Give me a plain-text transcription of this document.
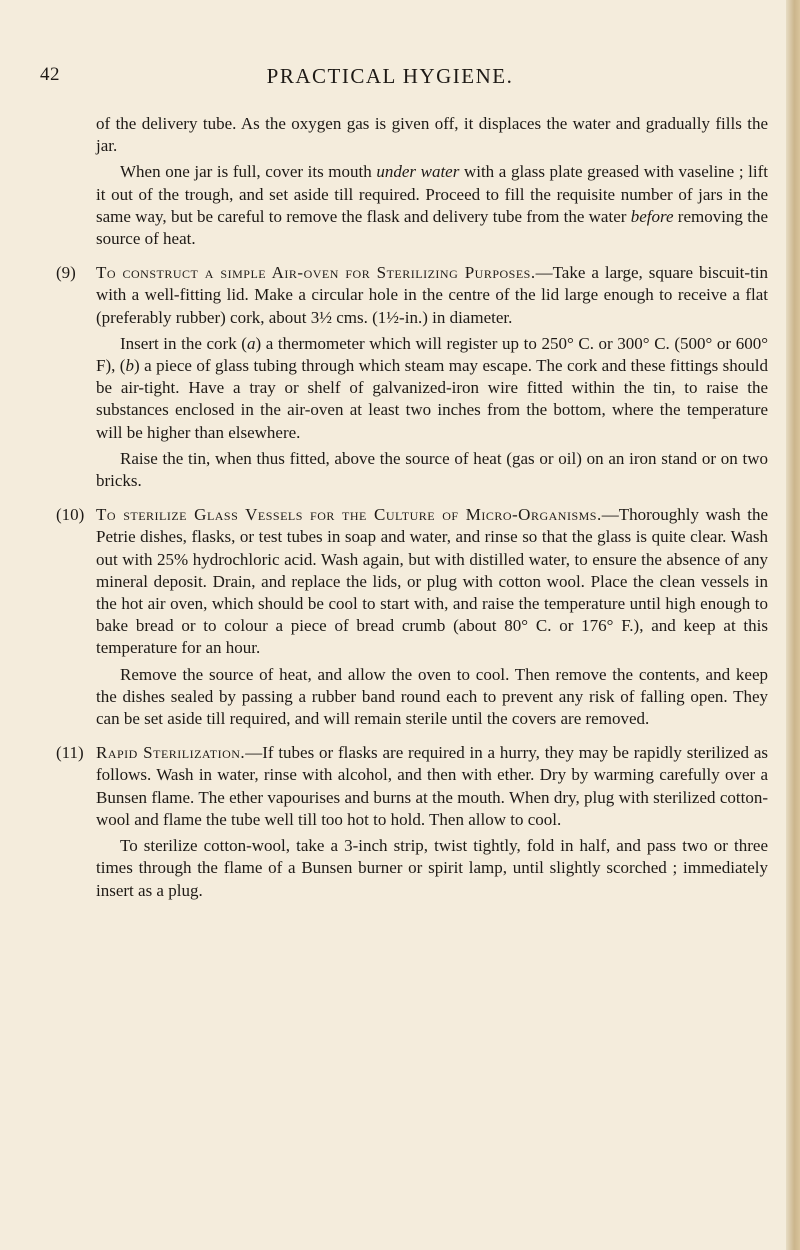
42	PRACTICAL HYGIENE.

of the delivery tube. As the oxygen gas is given off, it displaces the water and gradually fills the jar.

When one jar is full, cover its mouth under water with a glass plate greased with vaseline ; lift it out of the trough, and set aside till required. Proceed to fill the requisite number of jars in the same way, but be careful to remove the flask and delivery tube from the water before removing the source of heat.

(9) To construct a simple Air-oven for Sterilizing Purposes.—Take a large, square biscuit-tin with a well-fitting lid. Make a circular hole in the centre of the lid large enough to receive a flat (preferably rubber) cork, about 3½ cms. (1½-in.) in diameter.

Insert in the cork (a) a thermometer which will register up to 250° C. or 300° C. (500° or 600° F), (b) a piece of glass tubing through which steam may escape. The cork and these fittings should be air-tight. Have a tray or shelf of galvanized-iron wire fitted within the tin, to raise the substances enclosed in the air-oven at least two inches from the bottom, where the temperature will be higher than elsewhere.

Raise the tin, when thus fitted, above the source of heat (gas or oil) on an iron stand or on two bricks.

(10) To sterilize Glass Vessels for the Culture of Micro-Organisms.—Thoroughly wash the Petrie dishes, flasks, or test tubes in soap and water, and rinse so that the glass is quite clear. Wash out with 25% hydrochloric acid. Wash again, but with distilled water, to ensure the absence of any mineral deposit. Drain, and replace the lids, or plug with cotton wool. Place the clean vessels in the hot air oven, which should be cool to start with, and raise the temperature until high enough to bake bread or to colour a piece of bread crumb (about 80° C. or 176° F.), and keep at this temperature for an hour.

Remove the source of heat, and allow the oven to cool. Then remove the contents, and keep the dishes sealed by passing a rubber band round each to prevent any risk of falling open. They can be set aside till required, and will remain sterile until the covers are removed.

(11) Rapid Sterilization.—If tubes or flasks are required in a hurry, they may be rapidly sterilized as follows. Wash in water, rinse with alcohol, and then with ether. Dry by warming carefully over a Bunsen flame. The ether vapourises and burns at the mouth. When dry, plug with sterilized cotton-wool and flame the tube well till too hot to hold. Then allow to cool.

To sterilize cotton-wool, take a 3-inch strip, twist tightly, fold in half, and pass two or three times through the flame of a Bunsen burner or spirit lamp, until slightly scorched ; immediately insert as a plug.
